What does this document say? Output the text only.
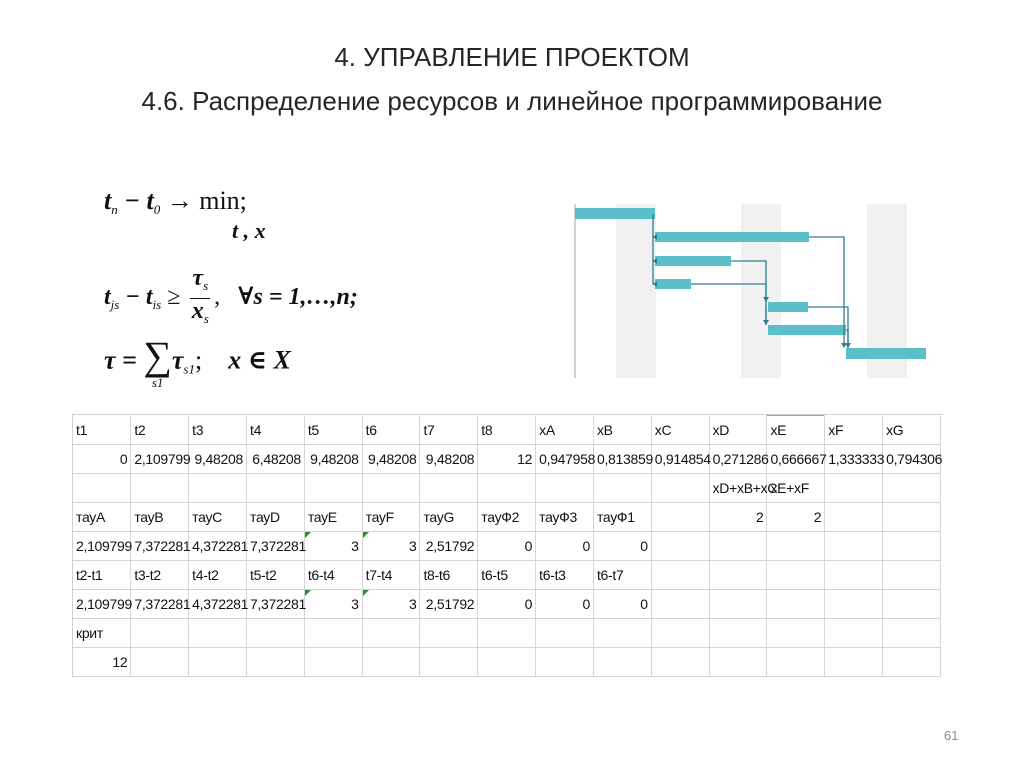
4. УПРАВЛЕНИЕ ПРОЕКТОМ
4.6. Распределение ресурсов и линейное программирование
$t_n - t_0 \to \min$;
t , x
$t_{js} - t_{is} \ge \frac{\tau_s}{x_s}$ , ∀s = 1,…,n;
τ = ∑
s1
$\tau_{s1}$; x ∈ X
t1	t2	t3	t4	t5	t6	t7	t8	xA	xB	xC	xD	xE	xF	xG
0	2,109799	9,48208	6,48208	9,48208	9,48208	9,48208	12	0,947958	0,813859	0,914854	0,271286	0,666667	1,333333	0,794306
											xD+xB+xC	xE+xF		
тауA	тауB	тауC	тауD	тауE	тауF	тауG	тауФ2	тауФ3	тауФ1		2	2		
2,109799	7,372281	4,372281	7,372281	3	3	2,51792	0	0	0					
t2-t1	t3-t2	t4-t2	t5-t2	t6-t4	t7-t4	t8-t6	t6-t5	t6-t3	t6-t7					
2,109799	7,372281	4,372281	7,372281	3	3	2,51792	0	0	0					
крит														
12														
61
